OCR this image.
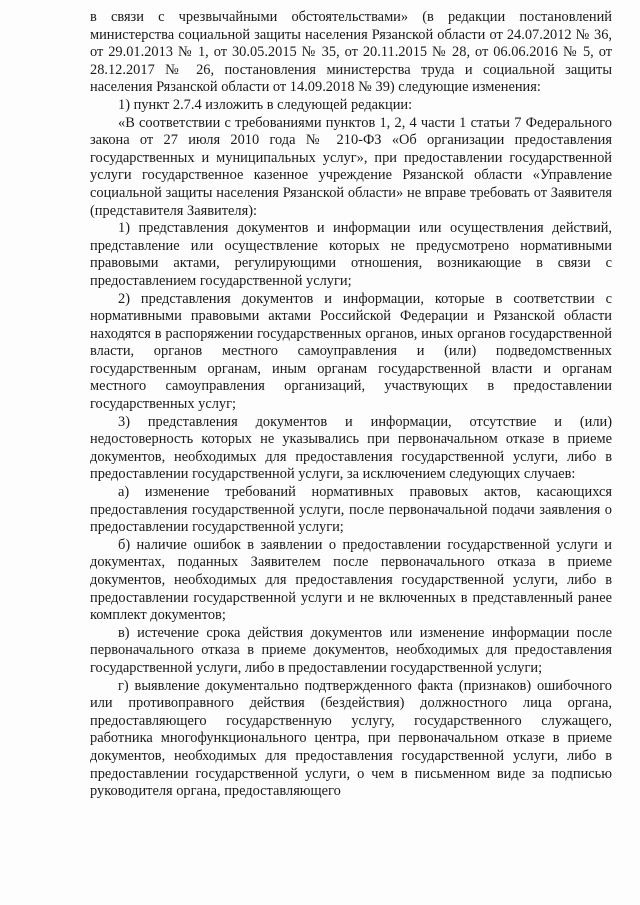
в связи с чрезвычайными обстоятельствами» (в редакции постановлений министерства социальной защиты населения Рязанской области от 24.07.2012 № 36, от 29.01.2013 № 1, от 30.05.2015 № 35, от 20.11.2015 № 28, от 06.06.2016 № 5, от 28.12.2017 № 26, постановления министерства труда и социальной защиты населения Рязанской области от 14.09.2018 № 39) следующие изменения:

1) пункт 2.7.4 изложить в следующей редакции:

«В соответствии с требованиями пунктов 1, 2, 4 части 1 статьи 7 Федерального закона от 27 июля 2010 года № 210-ФЗ «Об организации предоставления государственных и муниципальных услуг», при предоставлении государственной услуги государственное казенное учреждение Рязанской области «Управление социальной защиты населения Рязанской области» не вправе требовать от Заявителя (представителя Заявителя):

1) представления документов и информации или осуществления действий, представление или осуществление которых не предусмотрено нормативными правовыми актами, регулирующими отношения, возникающие в связи с предоставлением государственной услуги;

2) представления документов и информации, которые в соответствии с нормативными правовыми актами Российской Федерации и Рязанской области находятся в распоряжении государственных органов, иных органов государственной власти, органов местного самоуправления и (или) подведомственных государственным органам, иным органам государственной власти и органам местного самоуправления организаций, участвующих в предоставлении государственных услуг;

3) представления документов и информации, отсутствие и (или) недостоверность которых не указывались при первоначальном отказе в приеме документов, необходимых для предоставления государственной услуги, либо в предоставлении государственной услуги, за исключением следующих случаев:

а) изменение требований нормативных правовых актов, касающихся предоставления государственной услуги, после первоначальной подачи заявления о предоставлении государственной услуги;

б) наличие ошибок в заявлении о предоставлении государственной услуги и документах, поданных Заявителем после первоначального отказа в приеме документов, необходимых для предоставления государственной услуги, либо в предоставлении государственной услуги и не включенных в представленный ранее комплект документов;

в) истечение срока действия документов или изменение информации после первоначального отказа в приеме документов, необходимых для предоставления государственной услуги, либо в предоставлении государственной услуги;

г) выявление документально подтвержденного факта (признаков) ошибочного или противоправного действия (бездействия) должностного лица органа, предоставляющего государственную услугу, государственного служащего, работника многофункционального центра, при первоначальном отказе в приеме документов, необходимых для предоставления государственной услуги, либо в предоставлении государственной услуги, о чем в письменном виде за подписью руководителя органа, предоставляющего
